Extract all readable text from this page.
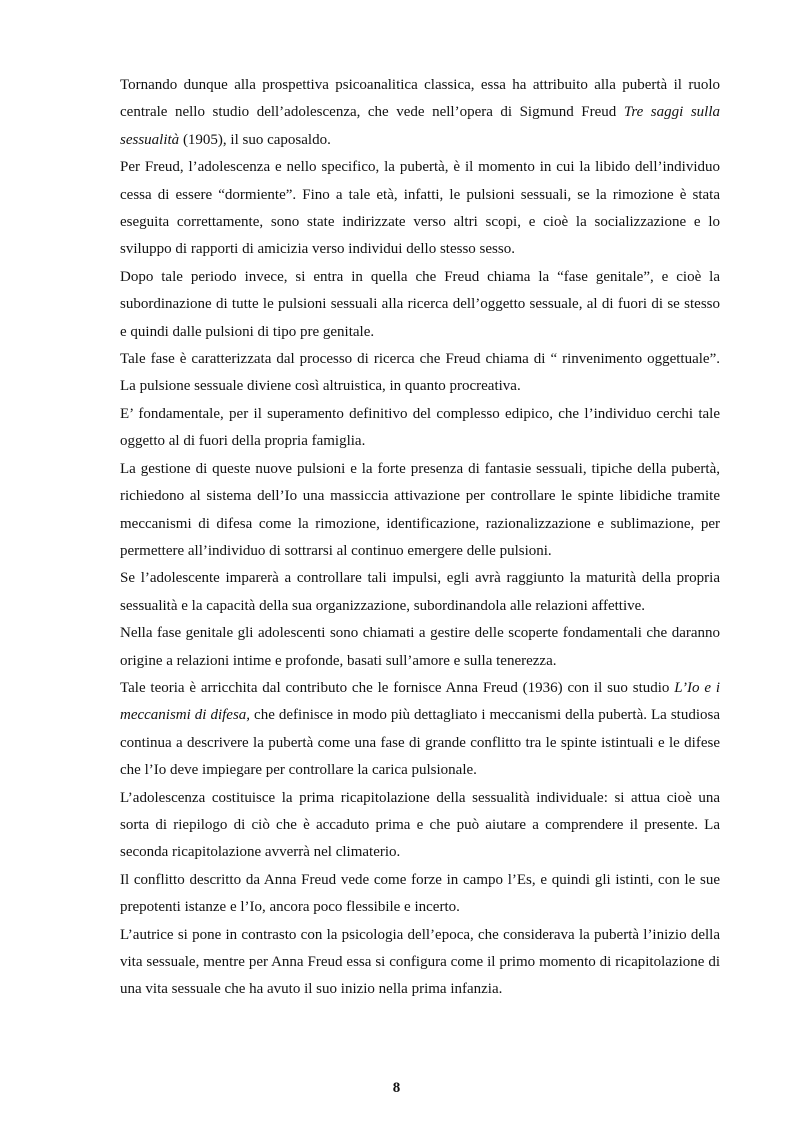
Tornando dunque alla prospettiva psicoanalitica classica, essa ha attribuito alla pubertà il ruolo centrale nello studio dell’adolescenza, che vede nell’opera di Sigmund Freud Tre saggi sulla sessualità (1905), il suo caposaldo.

Per Freud, l’adolescenza e nello specifico, la pubertà, è il momento in cui la libido dell’individuo cessa di essere “dormiente”. Fino a tale età, infatti, le pulsioni sessuali, se la rimozione è stata eseguita correttamente, sono state indirizzate verso altri scopi, e cioè la socializzazione e lo sviluppo di rapporti di amicizia verso individui dello stesso sesso.

Dopo tale periodo invece, si entra in quella che Freud chiama la “fase genitale”, e cioè la subordinazione di tutte le pulsioni sessuali alla ricerca dell’oggetto sessuale, al di fuori di se stesso e quindi dalle pulsioni di tipo pre genitale.

Tale fase è caratterizzata dal processo di ricerca che Freud chiama di “ rinvenimento oggettuale”. La pulsione sessuale diviene così altruistica, in quanto procreativa.

E’ fondamentale, per il superamento definitivo del complesso edipico, che l’individuo cerchi tale oggetto al di fuori della propria famiglia.

La gestione di queste nuove pulsioni e la forte presenza di fantasie sessuali, tipiche della pubertà, richiedono al sistema dell’Io una massiccia attivazione per controllare le spinte libidiche tramite meccanismi di difesa come la rimozione, identificazione, razionalizzazione e sublimazione, per permettere all’individuo di sottrarsi al continuo emergere delle pulsioni.

Se l’adolescente imparerà a controllare tali impulsi, egli avrà raggiunto la maturità della propria sessualità e la capacità della sua organizzazione, subordinandola alle relazioni affettive.

Nella fase genitale gli adolescenti sono chiamati a gestire delle scoperte fondamentali che daranno origine a relazioni intime e profonde, basati sull’amore e sulla tenerezza.

Tale teoria è arricchita dal contributo che le fornisce Anna Freud (1936) con il suo studio L’Io e i meccanismi di difesa, che definisce in modo più dettagliato i meccanismi della pubertà. La studiosa continua a descrivere la pubertà come una fase di grande conflitto tra le spinte istintuali e le difese che l’Io deve impiegare per controllare la carica pulsionale.

L’adolescenza costituisce la prima ricapitolazione della sessualità individuale: si attua cioè una sorta di riepilogo di ciò che è accaduto prima e che può aiutare a comprendere il presente. La seconda ricapitolazione avverrà nel climaterio.

Il conflitto descritto da Anna Freud vede come forze in campo l’Es, e quindi gli istinti, con le sue prepotenti istanze e l’Io, ancora poco flessibile e incerto.

L’autrice si pone in contrasto con la psicologia dell’epoca, che considerava la pubertà l’inizio della vita sessuale, mentre per Anna Freud essa si configura come il primo momento di ricapitolazione di una vita sessuale che ha avuto il suo inizio nella prima infanzia.

8
